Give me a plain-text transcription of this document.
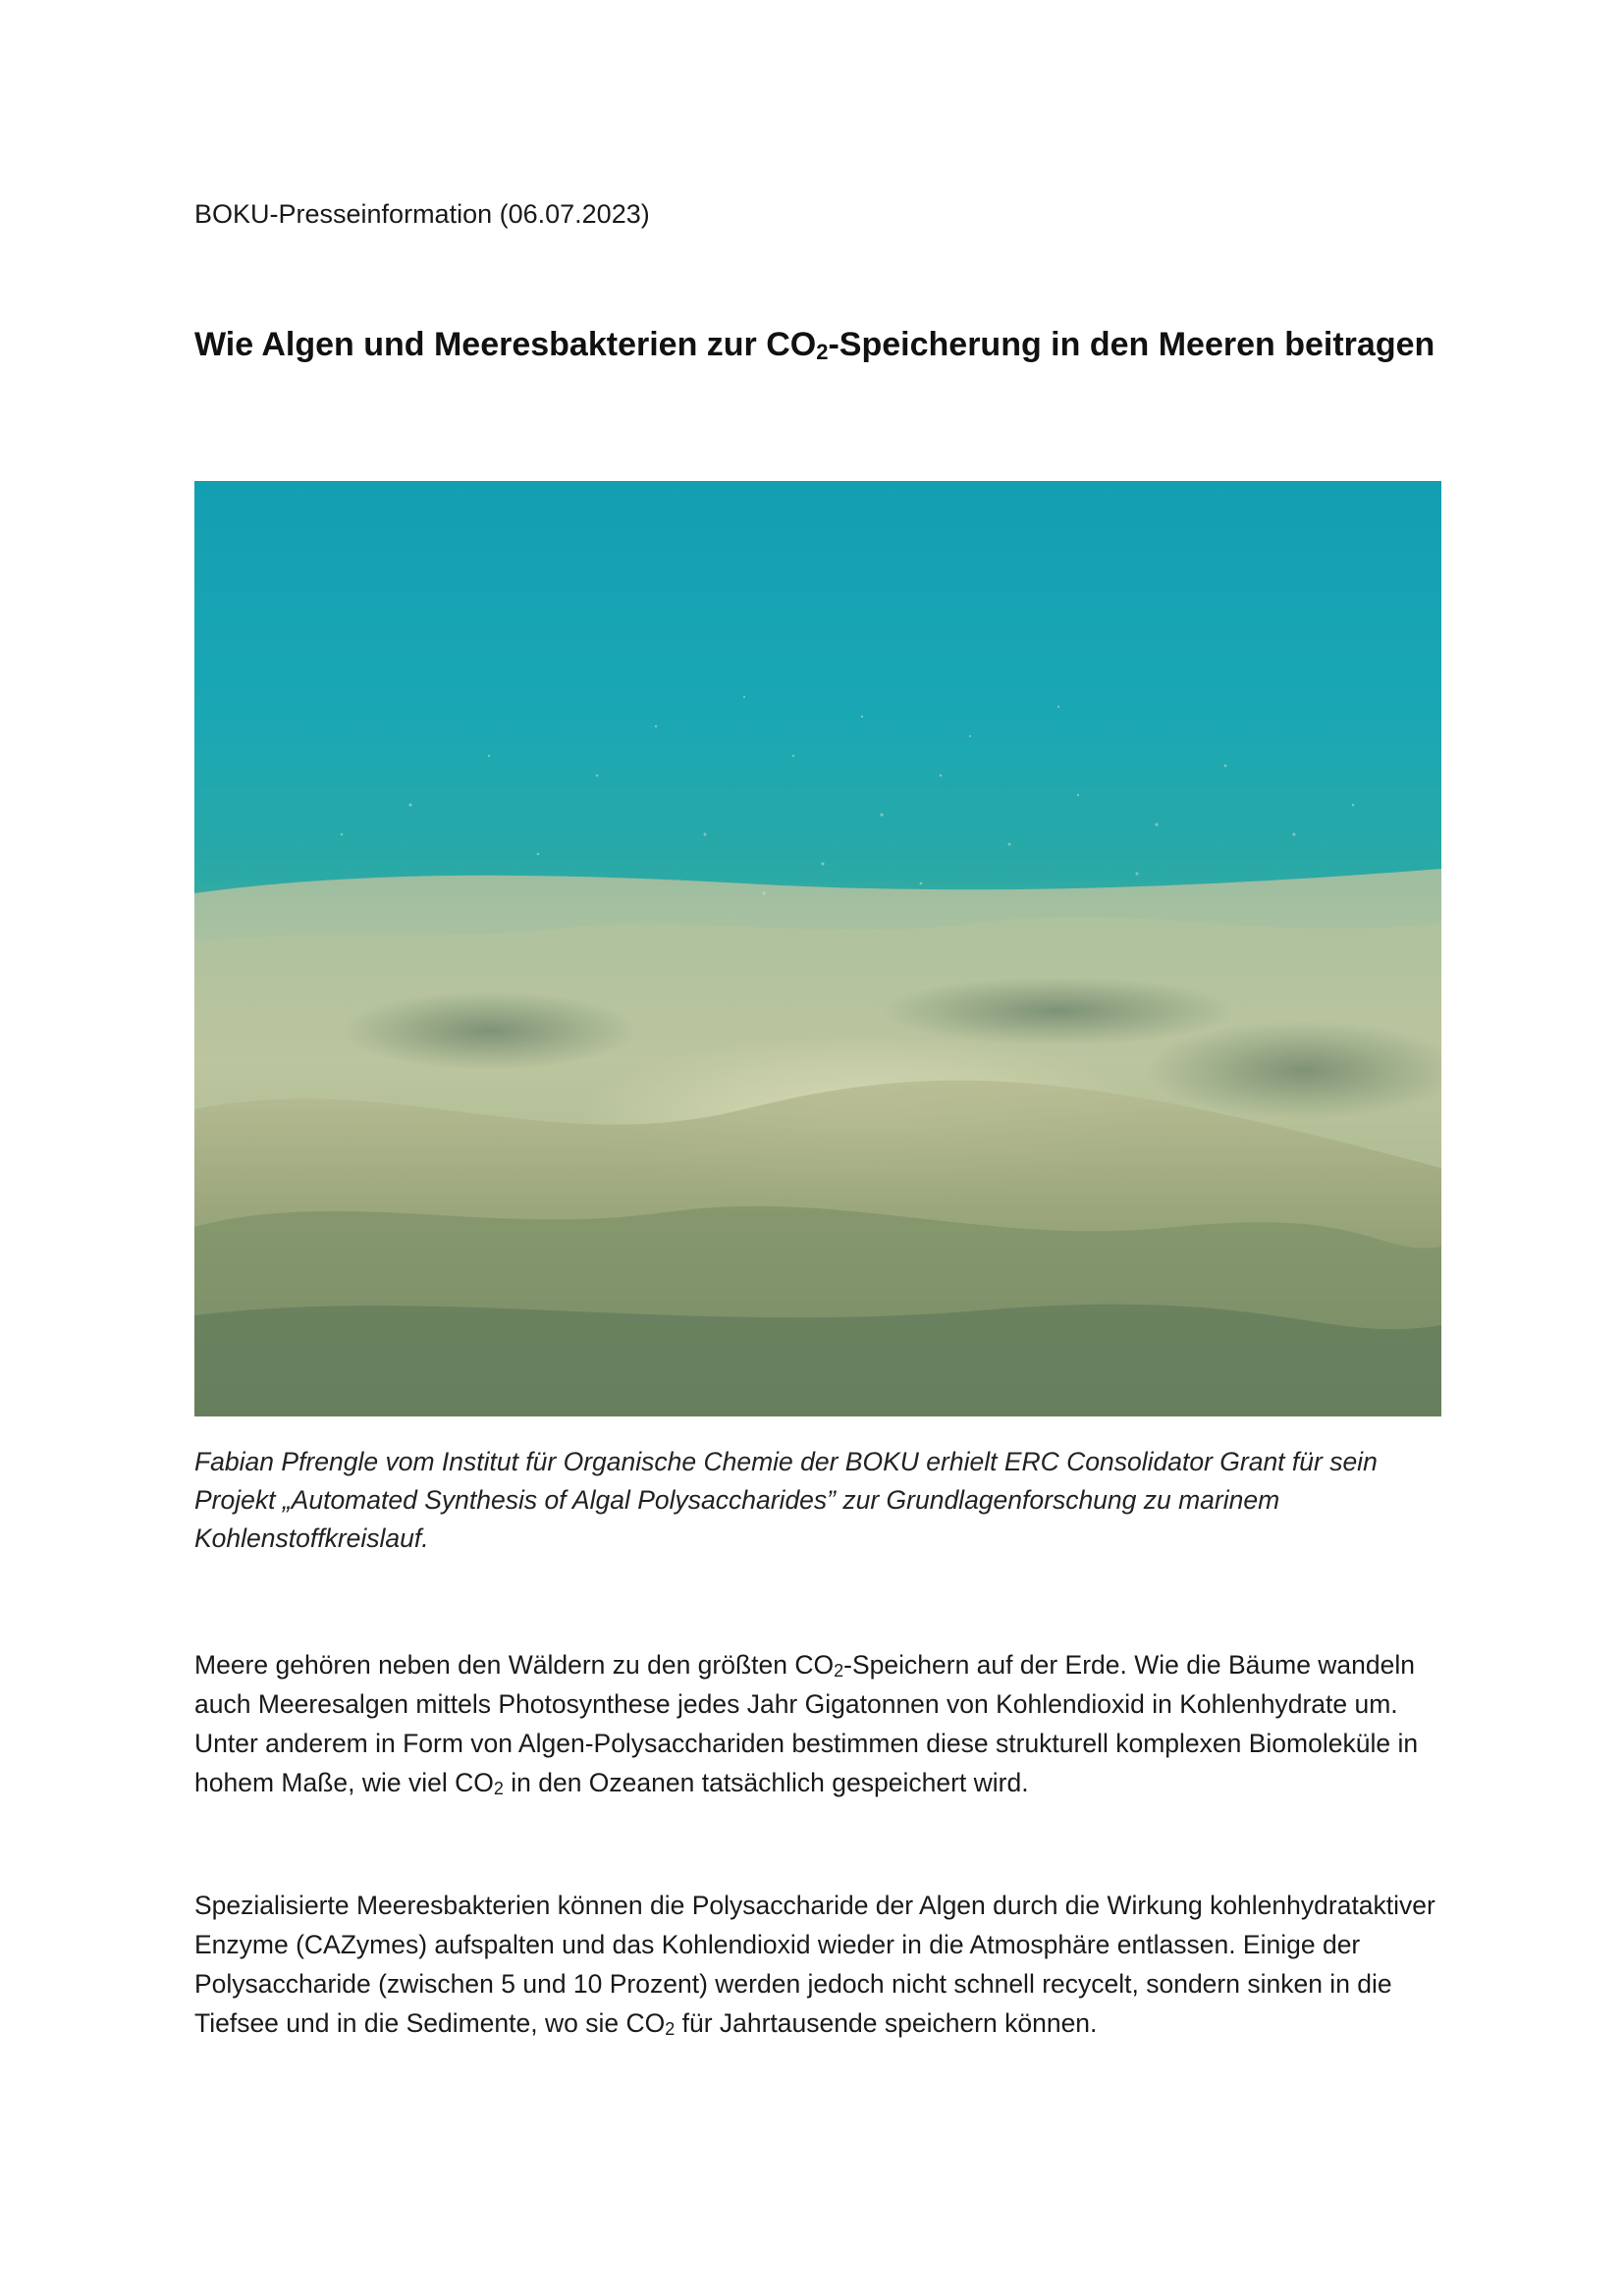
BOKU-Presseinformation (06.07.2023)
Wie Algen und Meeresbakterien zur $CO_2$-Speicherung in den Meeren beitragen
Fabian Pfrengle vom Institut für Organische Chemie der BOKU erhielt ERC Consolidator Grant für sein Projekt „Automated Synthesis of Algal Polysaccharides” zur Grundlagenforschung zu marinem Kohlenstoffkreislauf.
Meere gehören neben den Wäldern zu den größten $CO_2$-Speichern auf der Erde. Wie die Bäume wandeln auch Meeresalgen mittels Photosynthese jedes Jahr Gigatonnen von Kohlendioxid in Kohlenhydrate um. Unter anderem in Form von Algen-Polysacchariden bestimmen diese strukturell komplexen Biomoleküle in hohem Maße, wie viel $CO_2$ in den Ozeanen tatsächlich gespeichert wird.
Spezialisierte Meeresbakterien können die Polysaccharide der Algen durch die Wirkung kohlenhydrataktiver Enzyme (CAZymes) aufspalten und das Kohlendioxid wieder in die Atmosphäre entlassen. Einige der Polysaccharide (zwischen 5 und 10 Prozent) werden jedoch nicht schnell recycelt, sondern sinken in die Tiefsee und in die Sedimente, wo sie $CO_2$ für Jahrtausende speichern können.
